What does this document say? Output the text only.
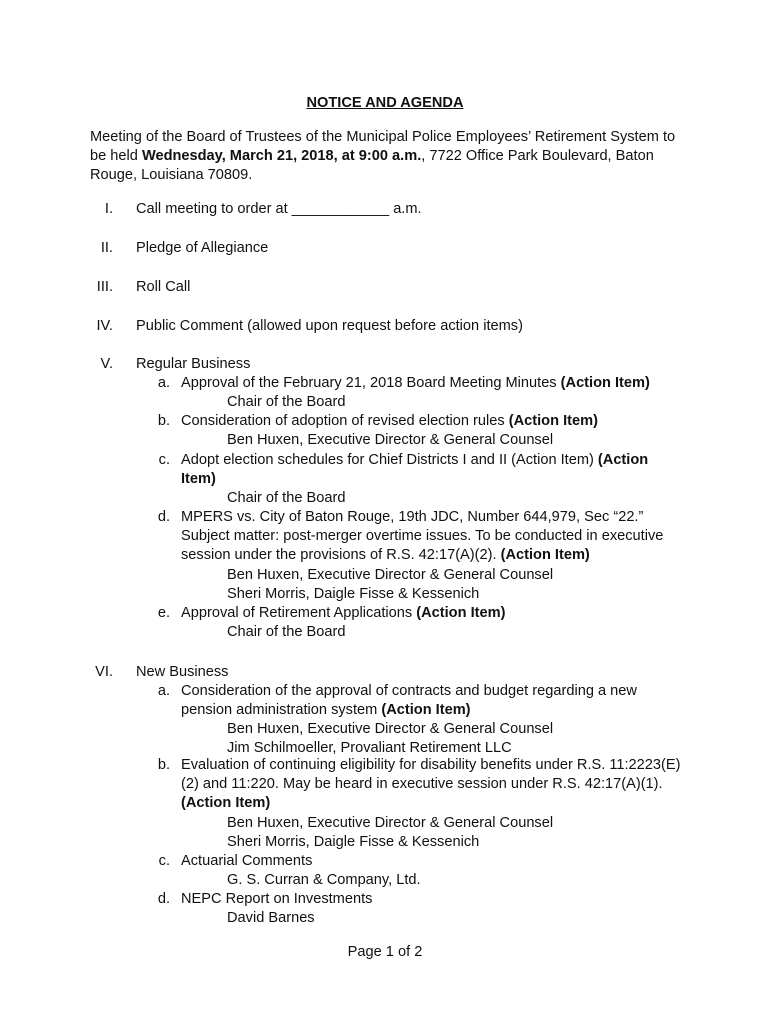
NOTICE AND AGENDA
Meeting of the Board of Trustees of the Municipal Police Employees’ Retirement System to be held Wednesday, March 21, 2018, at 9:00 a.m., 7722 Office Park Boulevard, Baton Rouge, Louisiana 70809.
I. Call meeting to order at ____________ a.m.
II. Pledge of Allegiance
III. Roll Call
IV. Public Comment (allowed upon request before action items)
V. Regular Business
a. Approval of the February 21, 2018 Board Meeting Minutes (Action Item)
Chair of the Board
b. Consideration of adoption of revised election rules (Action Item)
Ben Huxen, Executive Director & General Counsel
c. Adopt election schedules for Chief Districts I and II (Action Item) (Action Item)
Chair of the Board
d. MPERS vs. City of Baton Rouge, 19th JDC, Number 644,979, Sec “22.” Subject matter: post-merger overtime issues. To be conducted in executive session under the provisions of R.S. 42:17(A)(2). (Action Item)
Ben Huxen, Executive Director & General Counsel
Sheri Morris, Daigle Fisse & Kessenich
e. Approval of Retirement Applications (Action Item)
Chair of the Board
VI. New Business
a. Consideration of the approval of contracts and budget regarding a new pension administration system (Action Item)
Ben Huxen, Executive Director & General Counsel
Jim Schilmoeller, Provaliant Retirement LLC
b. Evaluation of continuing eligibility for disability benefits under R.S. 11:2223(E)(2) and 11:220. May be heard in executive session under R.S. 42:17(A)(1). (Action Item)
Ben Huxen, Executive Director & General Counsel
Sheri Morris, Daigle Fisse & Kessenich
c. Actuarial Comments
G. S. Curran & Company, Ltd.
d. NEPC Report on Investments
David Barnes
Page 1 of 2
